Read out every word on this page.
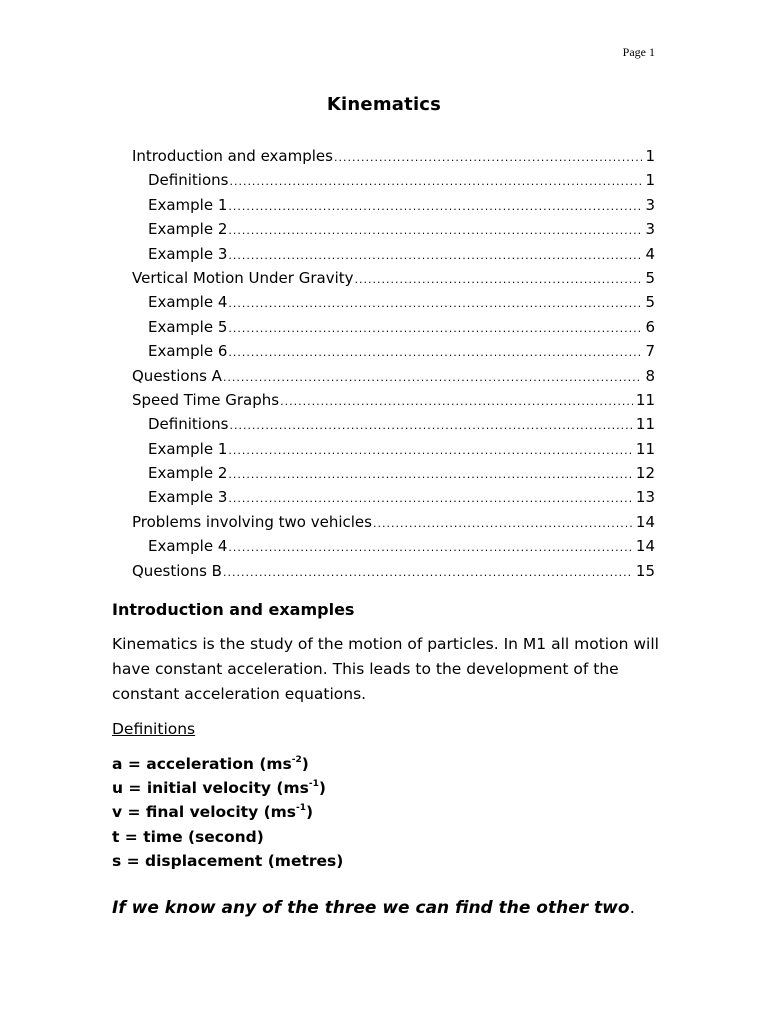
Page 1
Kinematics
Introduction and examples .....	1
Definitions .....	1
Example 1 .....	3
Example 2 .....	3
Example 3 .....	4
Vertical Motion Under Gravity .....	5
Example 4 .....	5
Example 5 .....	6
Example 6 .....	7
Questions A .....	8
Speed Time Graphs .....	11
Definitions .....	11
Example 1 .....	11
Example 2 .....	12
Example 3 .....	13
Problems involving two vehicles .....	14
Example 4 .....	14
Questions B .....	15
Introduction and examples

Kinematics is the study of the motion of particles. In M1 all motion will have constant acceleration. This leads to the development of the constant acceleration equations.

Definitions
a = acceleration $(ms^{-2})$
u = initial velocity $(ms^{-1})$
v = final velocity $(ms^{-1})$
t = time (second)
s = displacement (metres)
If we know any of the three we can find the other two.
